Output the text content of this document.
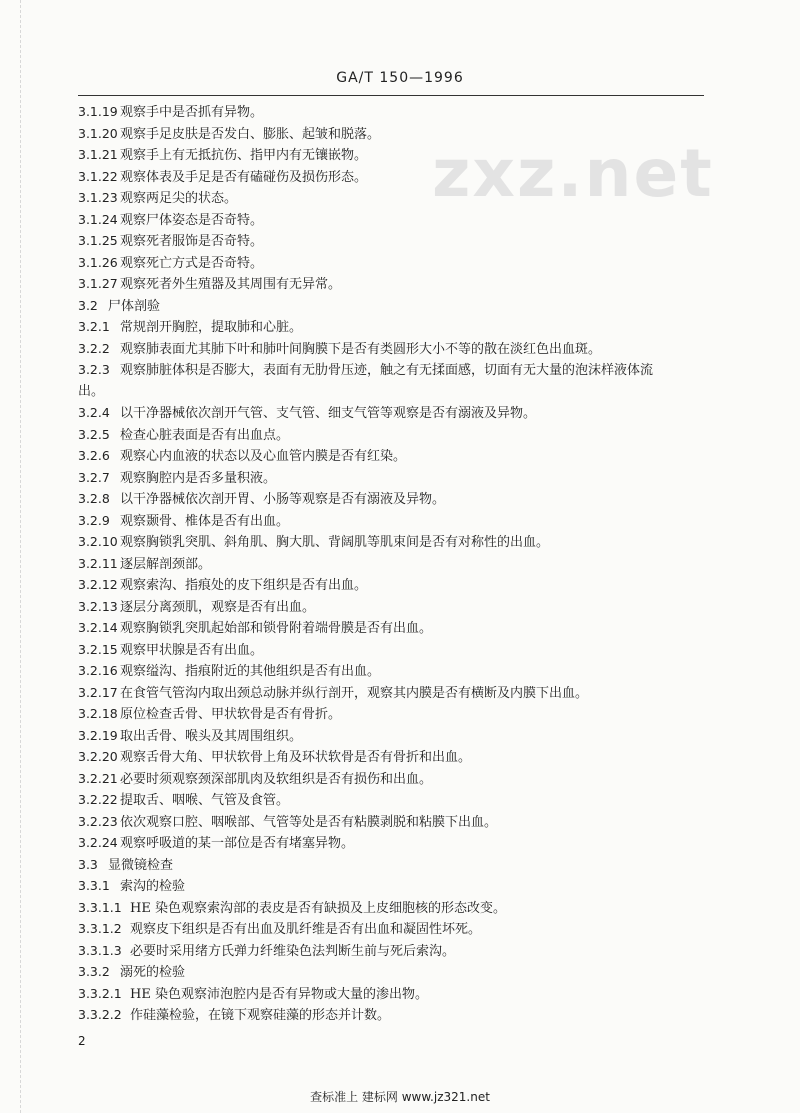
zxz.net
GA/T 150—1996
3.1.19 观察手中是否抓有异物。
3.1.20 观察手足皮肤是否发白、膨胀、起皱和脱落。
3.1.21 观察手上有无抵抗伤、指甲内有无镶嵌物。
3.1.22 观察体表及手足是否有磕碰伤及损伤形态。
3.1.23 观察两足尖的状态。
3.1.24 观察尸体姿态是否奇特。
3.1.25 观察死者服饰是否奇特。
3.1.26 观察死亡方式是否奇特。
3.1.27 观察死者外生殖器及其周围有无异常。
3.2 尸体剖验
3.2.1 常规剖开胸腔，提取肺和心脏。
3.2.2 观察肺表面尤其肺下叶和肺叶间胸膜下是否有类圆形大小不等的散在淡红色出血斑。
3.2.3 观察肺脏体积是否膨大，表面有无肋骨压迹，触之有无揉面感，切面有无大量的泡沫样液体流
出。
3.2.4 以干净器械依次剖开气管、支气管、细支气管等观察是否有溺液及异物。
3.2.5 检查心脏表面是否有出血点。
3.2.6 观察心内血液的状态以及心血管内膜是否有红染。
3.2.7 观察胸腔内是否多量积液。
3.2.8 以干净器械依次剖开胃、小肠等观察是否有溺液及异物。
3.2.9 观察颞骨、椎体是否有出血。
3.2.10 观察胸锁乳突肌、斜角肌、胸大肌、背阔肌等肌束间是否有对称性的出血。
3.2.11 逐层解剖颈部。
3.2.12 观察索沟、指痕处的皮下组织是否有出血。
3.2.13 逐层分离颈肌，观察是否有出血。
3.2.14 观察胸锁乳突肌起始部和锁骨附着端骨膜是否有出血。
3.2.15 观察甲状腺是否有出血。
3.2.16 观察缢沟、指痕附近的其他组织是否有出血。
3.2.17 在食管气管沟内取出颈总动脉并纵行剖开，观察其内膜是否有横断及内膜下出血。
3.2.18 原位检查舌骨、甲状软骨是否有骨折。
3.2.19 取出舌骨、喉头及其周围组织。
3.2.20 观察舌骨大角、甲状软骨上角及环状软骨是否有骨折和出血。
3.2.21 必要时须观察颈深部肌肉及软组织是否有损伤和出血。
3.2.22 提取舌、咽喉、气管及食管。
3.2.23 依次观察口腔、咽喉部、气管等处是否有粘膜剥脱和粘膜下出血。
3.2.24 观察呼吸道的某一部位是否有堵塞异物。
3.3 显微镜检查
3.3.1 索沟的检验
3.3.1.1 HE 染色观察索沟部的表皮是否有缺损及上皮细胞核的形态改变。
3.3.1.2 观察皮下组织是否有出血及肌纤维是否有出血和凝固性坏死。
3.3.1.3 必要时采用绪方氏弹力纤维染色法判断生前与死后索沟。
3.3.2 溺死的检验
3.3.2.1 HE 染色观察沛泡腔内是否有异物或大量的渗出物。
3.3.2.2 作硅藻检验，在镜下观察硅藻的形态并计数。
2
查标准上 建标网 www.jz321.net
